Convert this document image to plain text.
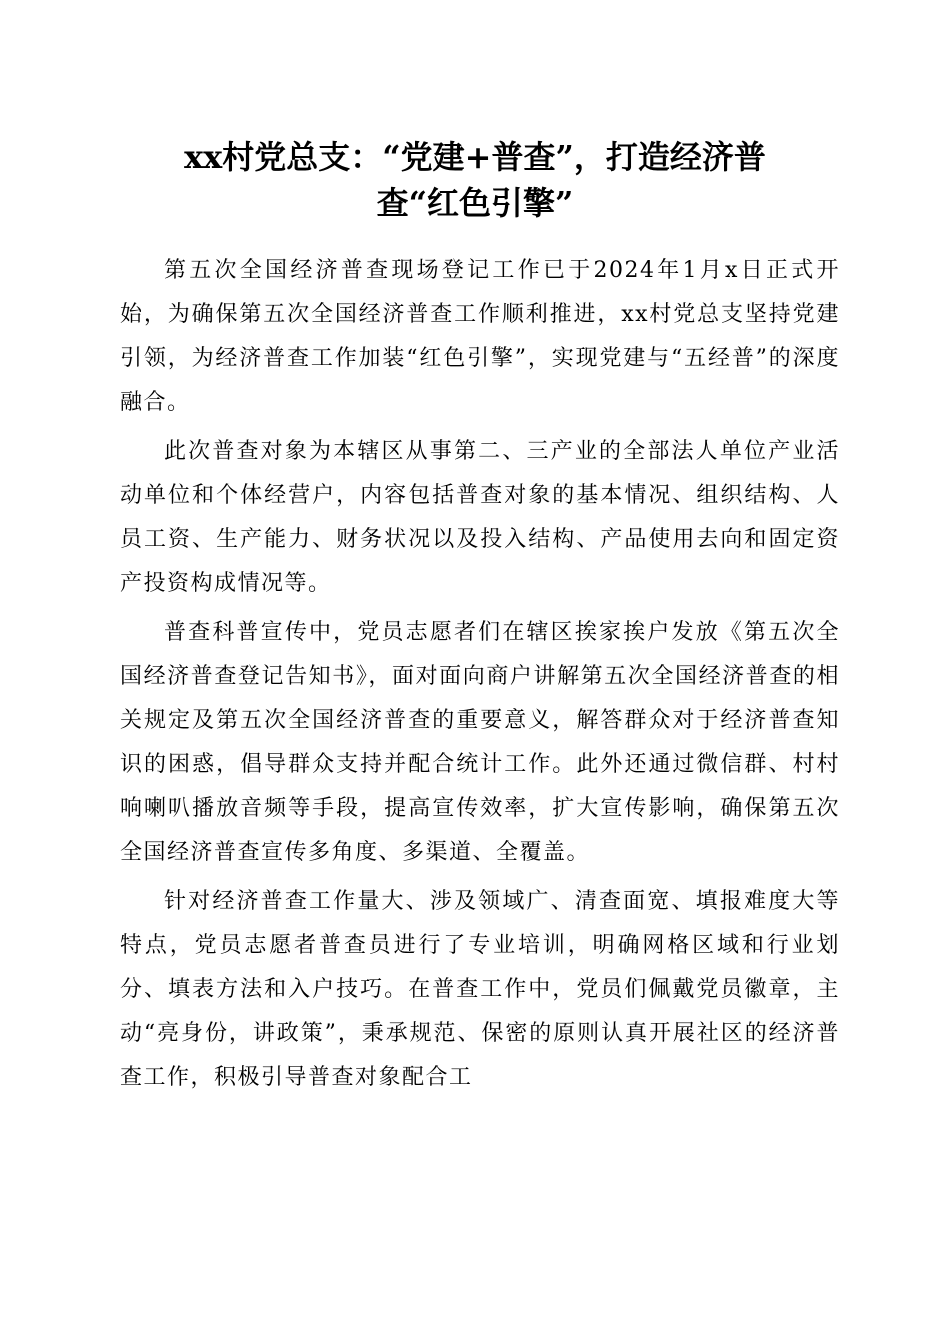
xx村党总支：“党建+普查”，打造经济普
查“红色引擎”

第五次全国经济普查现场登记工作已于2024年1月x日正式开始，为确保第五次全国经济普查工作顺利推进，xx村党总支坚持党建引领，为经济普查工作加装“红色引擎”，实现党建与“五经普”的深度融合。

此次普查对象为本辖区从事第二、三产业的全部法人单位产业活动单位和个体经营户，内容包括普查对象的基本情况、组织结构、人员工资、生产能力、财务状况以及投入结构、产品使用去向和固定资产投资构成情况等。

普查科普宣传中，党员志愿者们在辖区挨家挨户发放《第五次全国经济普查登记告知书》，面对面向商户讲解第五次全国经济普查的相关规定及第五次全国经济普查的重要意义，解答群众对于经济普查知识的困惑，倡导群众支持并配合统计工作。此外还通过微信群、村村响喇叭播放音频等手段，提高宣传效率，扩大宣传影响，确保第五次全国经济普查宣传多角度、多渠道、全覆盖。

针对经济普查工作量大、涉及领域广、清查面宽、填报难度大等特点，党员志愿者普查员进行了专业培训，明确网格区域和行业划分、填表方法和入户技巧。在普查工作中，党员们佩戴党员徽章，主动“亮身份，讲政策”，秉承规范、保密的原则认真开展社区的经济普查工作，积极引导普查对象配合工
